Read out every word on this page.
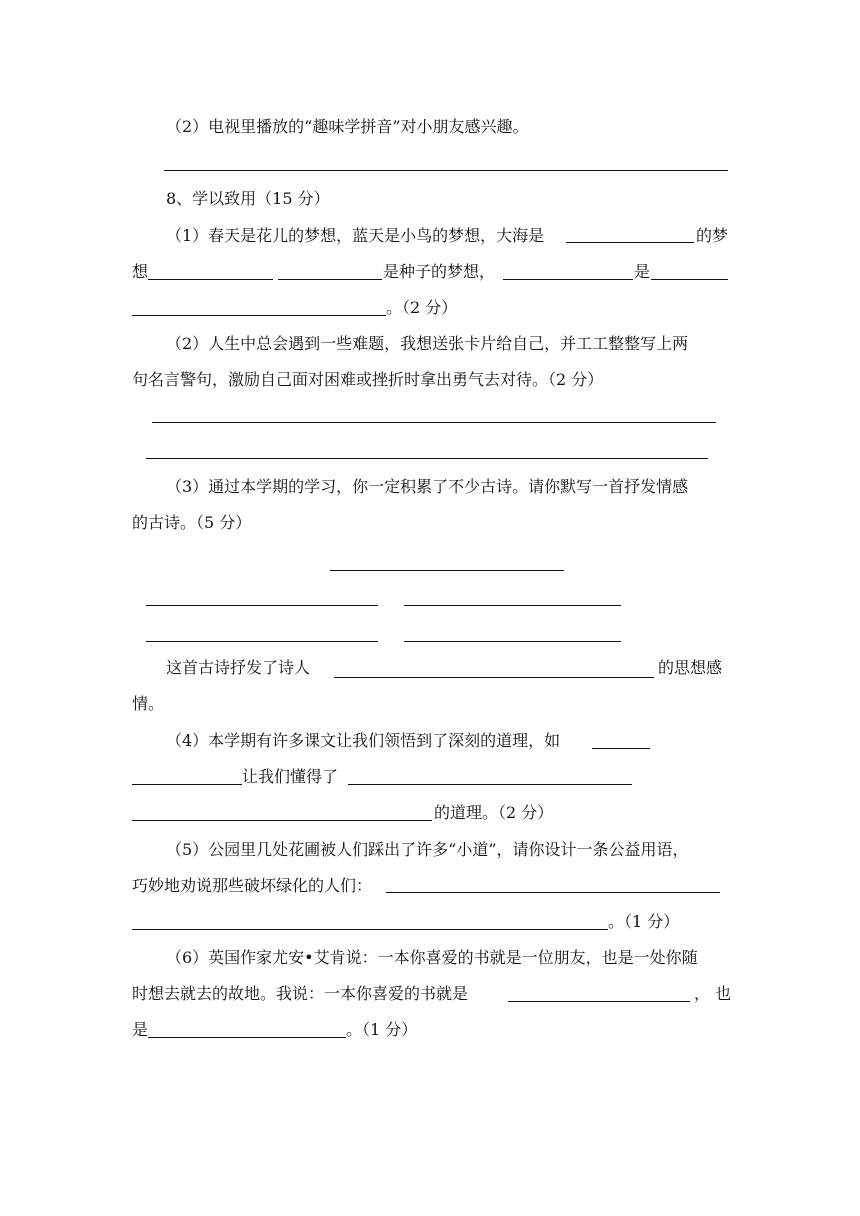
（2）电视里播放的“趣味学拼音”对小朋友感兴趣。
8、学以致用（15 分）
（1）春天是花儿的梦想，蓝天是小鸟的梦想，大海是	的梦
想	是种子的梦想，	是
。（2 分）
（2）人生中总会遇到一些难题，我想送张卡片给自己，并工工整整写上两
句名言警句，激励自己面对困难或挫折时拿出勇气去对待。（2 分）
（3）通过本学期的学习，你一定积累了不少古诗。请你默写一首抒发情感
的古诗。（5 分）
这首古诗抒发了诗人	的思想感
情。
（4）本学期有许多课文让我们领悟到了深刻的道理，如
让我们懂得了
的道理。（2 分）
（5）公园里几处花圃被人们踩出了许多“小道”，请你设计一条公益用语，
巧妙地劝说那些破坏绿化的人们：
。（1 分）
（6）英国作家尤安•艾肯说：一本你喜爱的书就是一位朋友，也是一处你随
时想去就去的故地。我说：一本你喜爱的书就是	， 也
是	。（1 分）
